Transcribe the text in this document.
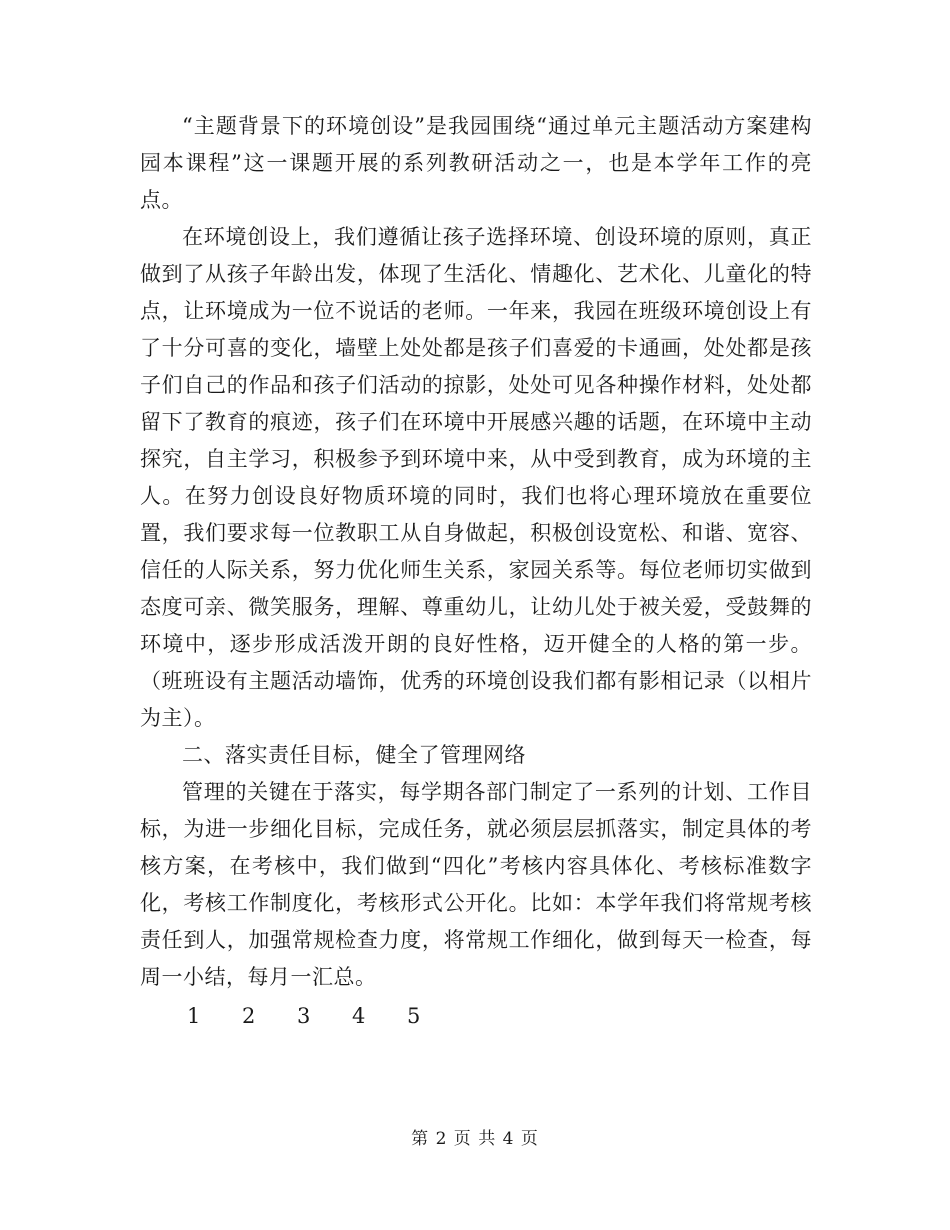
“主题背景下的环境创设”是我园围绕“通过单元主题活动方案建构园本课程”这一课题开展的系列教研活动之一，也是本学年工作的亮点。

在环境创设上，我们遵循让孩子选择环境、创设环境的原则，真正做到了从孩子年龄出发，体现了生活化、情趣化、艺术化、儿童化的特点，让环境成为一位不说话的老师。一年来，我园在班级环境创设上有了十分可喜的变化，墙壁上处处都是孩子们喜爱的卡通画，处处都是孩子们自己的作品和孩子们活动的掠影，处处可见各种操作材料，处处都留下了教育的痕迹，孩子们在环境中开展感兴趣的话题，在环境中主动探究，自主学习，积极参予到环境中来，从中受到教育，成为环境的主人。在努力创设良好物质环境的同时，我们也将心理环境放在重要位置，我们要求每一位教职工从自身做起，积极创设宽松、和谐、宽容、信任的人际关系，努力优化师生关系，家园关系等。每位老师切实做到态度可亲、微笑服务，理解、尊重幼儿，让幼儿处于被关爱，受鼓舞的环境中，逐步形成活泼开朗的良好性格，迈开健全的人格的第一步。（班班设有主题活动墙饰，优秀的环境创设我们都有影相记录（以相片为主）。

二、落实责任目标，健全了管理网络

管理的关键在于落实，每学期各部门制定了一系列的计划、工作目标，为进一步细化目标，完成任务，就必须层层抓落实，制定具体的考核方案，在考核中，我们做到“四化”考核内容具体化、考核标准数字化，考核工作制度化，考核形式公开化。比如：本学年我们将常规考核责任到人，加强常规检查力度，将常规工作细化，做到每天一检查，每周一小结，每月一汇总。

1 2 3 4 5
第 2 页 共 4 页
